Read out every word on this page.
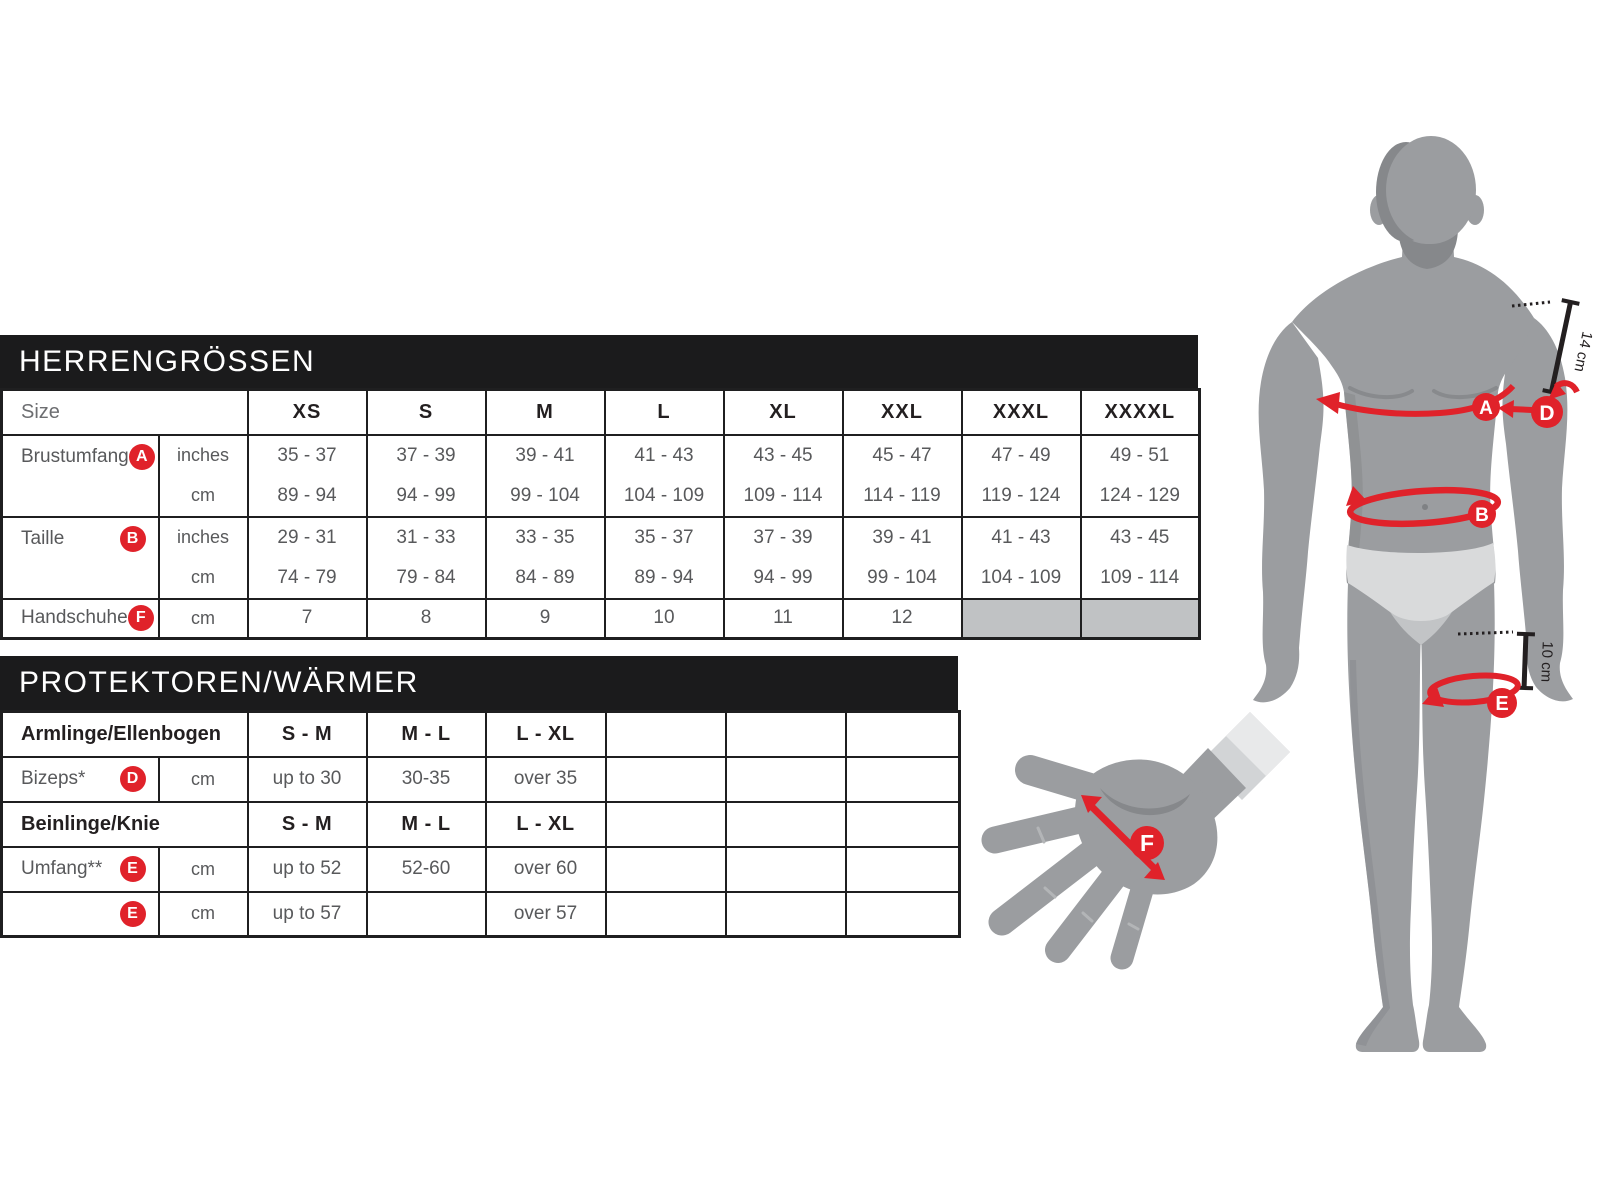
HERRENGRÖSSEN
Size		XS	S	M	L	XL	XXL	XXXL	XXXXL

Brustumfang A	inches	35 - 37	37 - 39	39 - 41	41 - 43	43 - 45	45 - 47	47 - 49	49 - 51
	cm	89 - 94	94 - 99	99 - 104	104 - 109	109 - 114	114 - 119	119 - 124	124 - 129

Taille B	inches	29 - 31	31 - 33	33 - 35	35 - 37	37 - 39	39 - 41	41 - 43	43 - 45
	cm	74 - 79	79 - 84	84 - 89	89 - 94	94 - 99	99 - 104	104 - 109	109 - 114

Handschuhe F	cm	7	8	9	10	11	12		
PROTEKTOREN/WÄRMER
Armlinge/Ellenbogen		S - M	M - L	L - XL			

Bizeps* D	cm	up to 30	30-35	over 35			
Beinlinge/Knie		S - M	M - L	L - XL			

Umfang** E	cm	up to 52	52-60	over 60			

E	cm	up to 57		over 57			
14 cm
10 cm
A D
B
E
F
